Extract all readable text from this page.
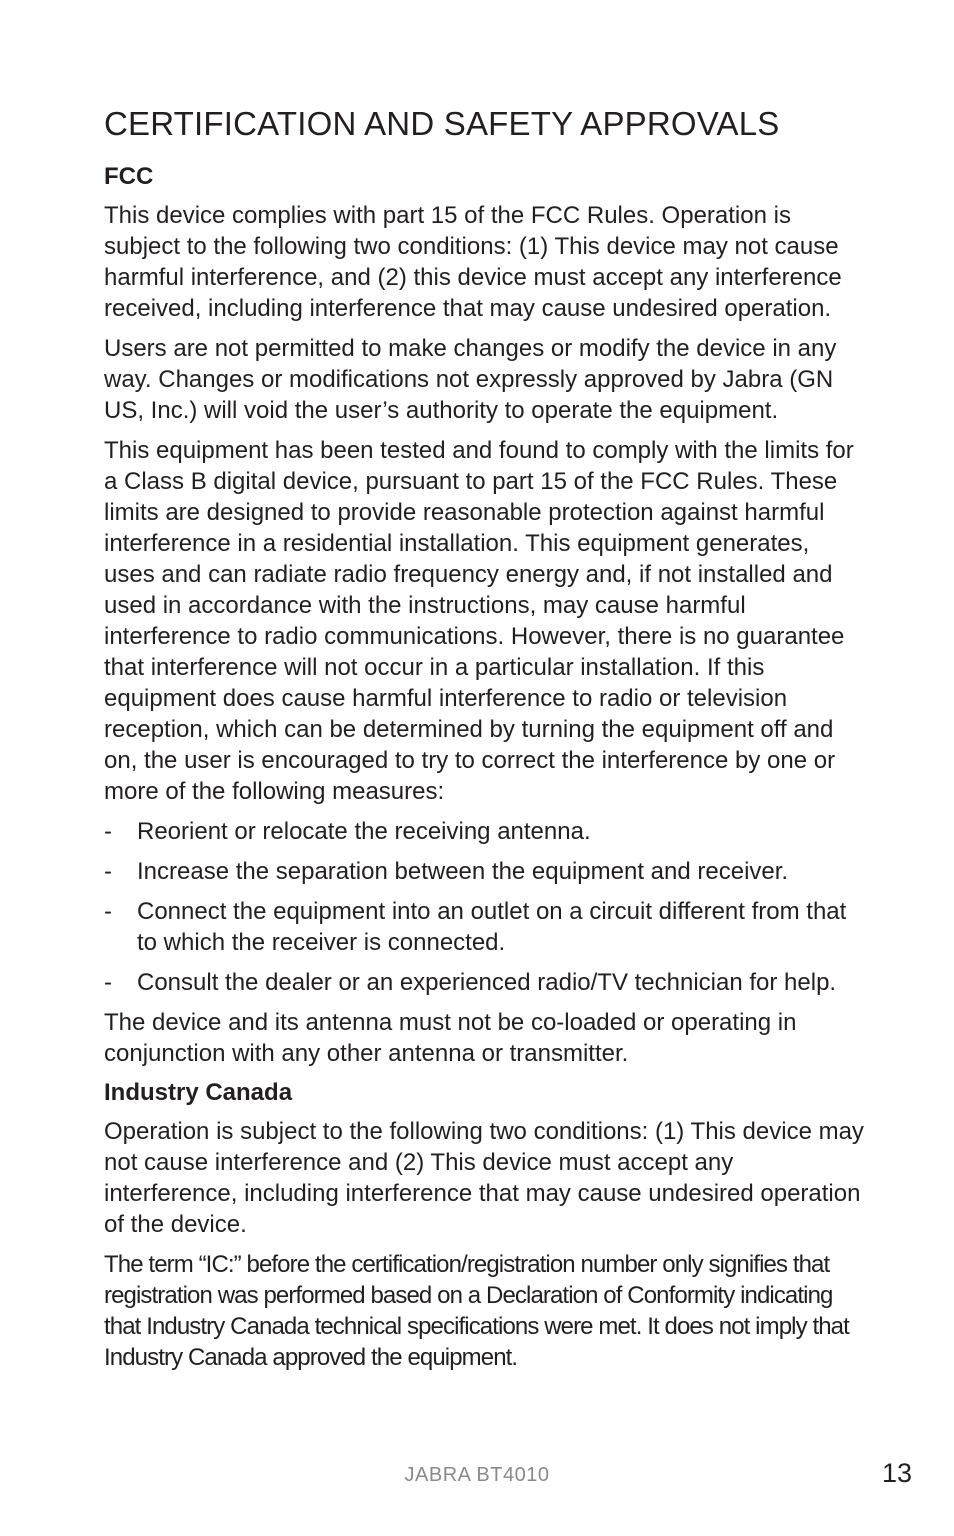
CERTIFICATION AND SAFETY APPROVALS
FCC

This device complies with part 15 of the FCC Rules. Operation is subject to the following two conditions: (1) This device may not cause harmful interference, and (2) this device must accept any interference received, including interference that may cause undesired operation.

Users are not permitted to make changes or modify the device in any way. Changes or modifications not expressly approved by Jabra (GN US, Inc.) will void the user’s authority to operate the equipment.

This equipment has been tested and found to comply with the limits for a Class B digital device, pursuant to part 15 of the FCC Rules. These limits are designed to provide reasonable protection against harmful interference in a residential installation. This equipment generates, uses and can radiate radio frequency energy and, if not installed and used in accordance with the instructions, may cause harmful interference to radio communications. However, there is no guarantee that interference will not occur in a particular installation. If this equipment does cause harmful interference to radio or television reception, which can be determined by turning the equipment off and on, the user is encouraged to try to correct the interference by one or more of the following measures:

- Reorient or relocate the receiving antenna.
- Increase the separation between the equipment and receiver.
- Connect the equipment into an outlet on a circuit different from that to which the receiver is connected.
- Consult the dealer or an experienced radio/TV technician for help.

The device and its antenna must not be co-loaded or operating in conjunction with any other antenna or transmitter.

Industry Canada

Operation is subject to the following two conditions: (1) This device may not cause interference and (2) This device must accept any interference, including interference that may cause undesired operation of the device.

The term “IC:” before the certification/registration number only signifies that registration was performed based on a Declaration of Conformity indicating that Industry Canada technical specifications were met. It does not imply that Industry Canada approved the equipment.

JABRA BT4010	13
